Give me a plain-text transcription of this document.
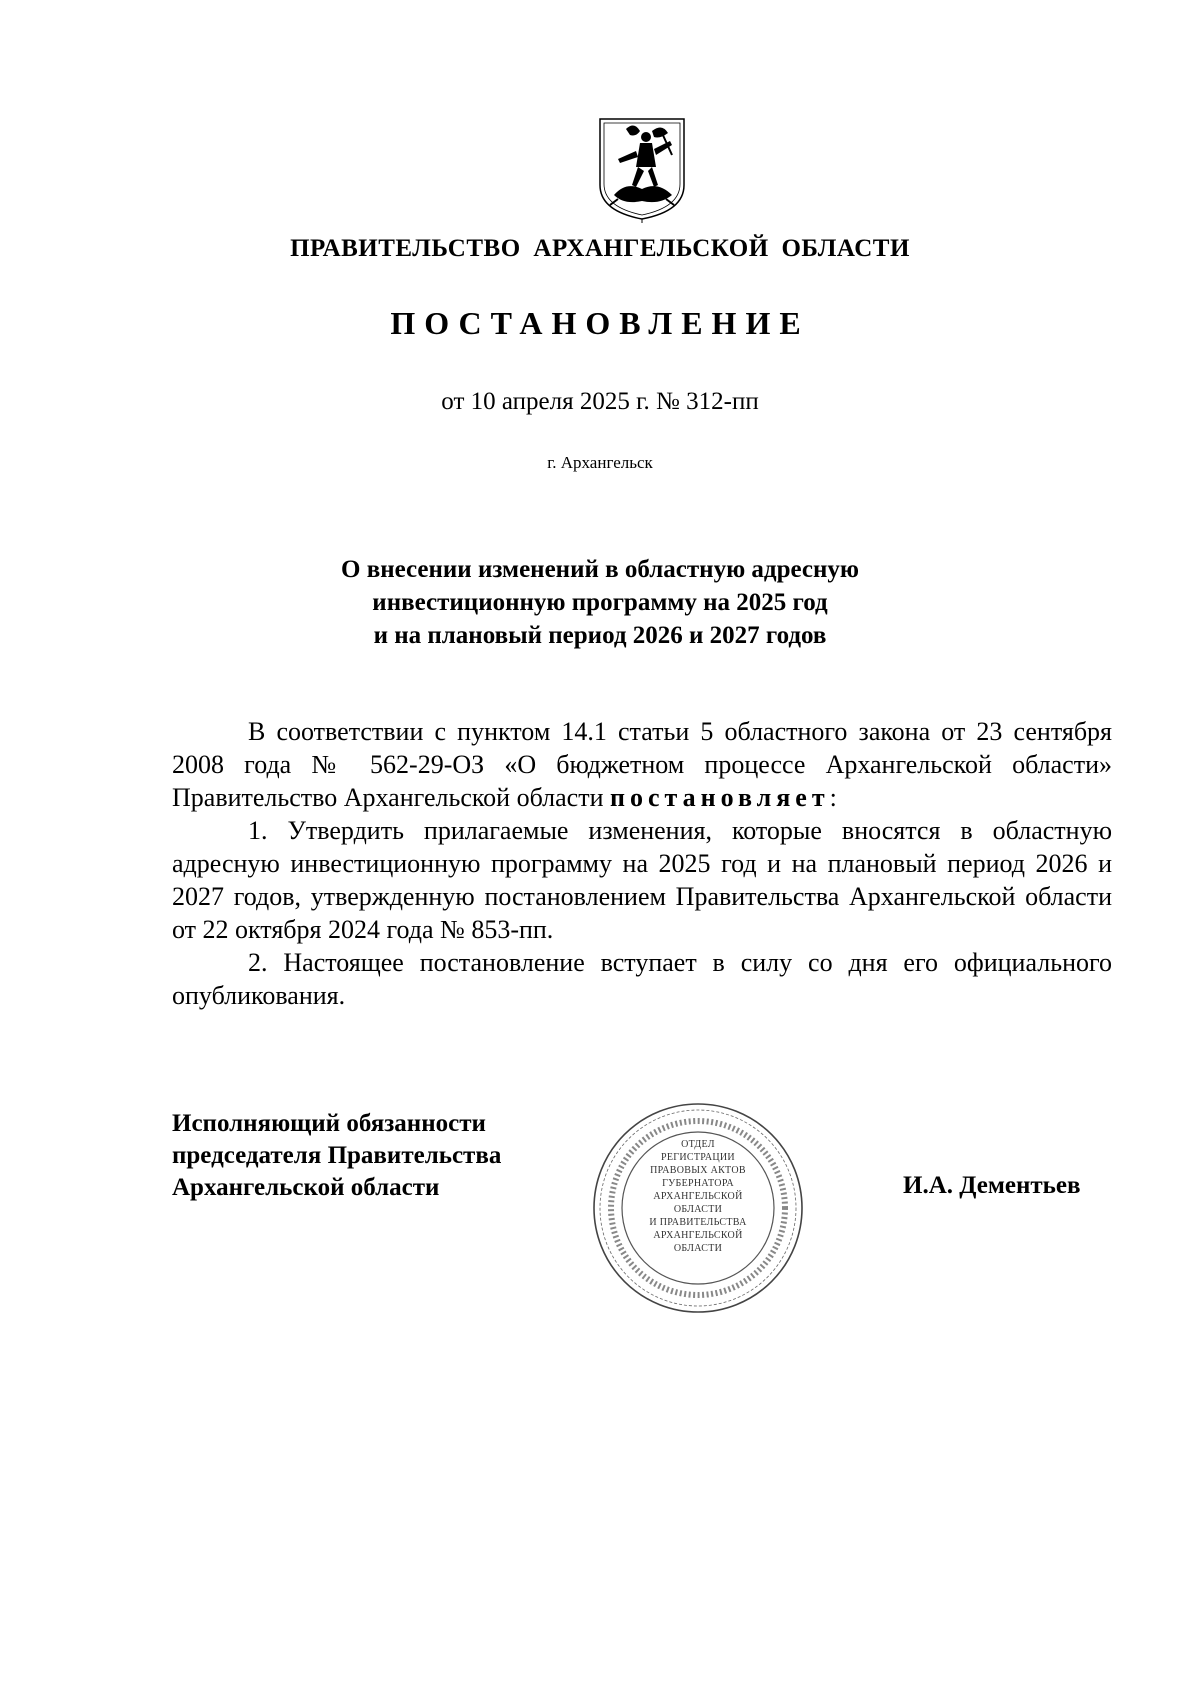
ПРАВИТЕЛЬСТВО АРХАНГЕЛЬСКОЙ ОБЛАСТИ
ПОСТАНОВЛЕНИЕ
от 10 апреля 2025 г. № 312-пп
г. Архангельск
О внесении изменений в областную адресную
инвестиционную программу на 2025 год
и на плановый период 2026 и 2027 годов

В соответствии с пунктом 14.1 статьи 5 областного закона от 23 сентября 2008 года № 562-29-ОЗ «О бюджетном процессе Архангельской области» Правительство Архангельской области постановляет:

1. Утвердить прилагаемые изменения, которые вносятся в областную адресную инвестиционную программу на 2025 год и на плановый период 2026 и 2027 годов, утвержденную постановлением Правительства Архангельской области от 22 октября 2024 года № 853-пп.

2. Настоящее постановление вступает в силу со дня его официального опубликования.

Исполняющий обязанности
председателя Правительства
Архангельской области
ОТДЕЛ
РЕГИСТРАЦИИ
ПРАВОВЫХ АКТОВ
ГУБЕРНАТОРА
АРХАНГЕЛЬСКОЙ
ОБЛАСТИ
И ПРАВИТЕЛЬСТВА
АРХАНГЕЛЬСКОЙ
ОБЛАСТИ
И.А. Дементьев
